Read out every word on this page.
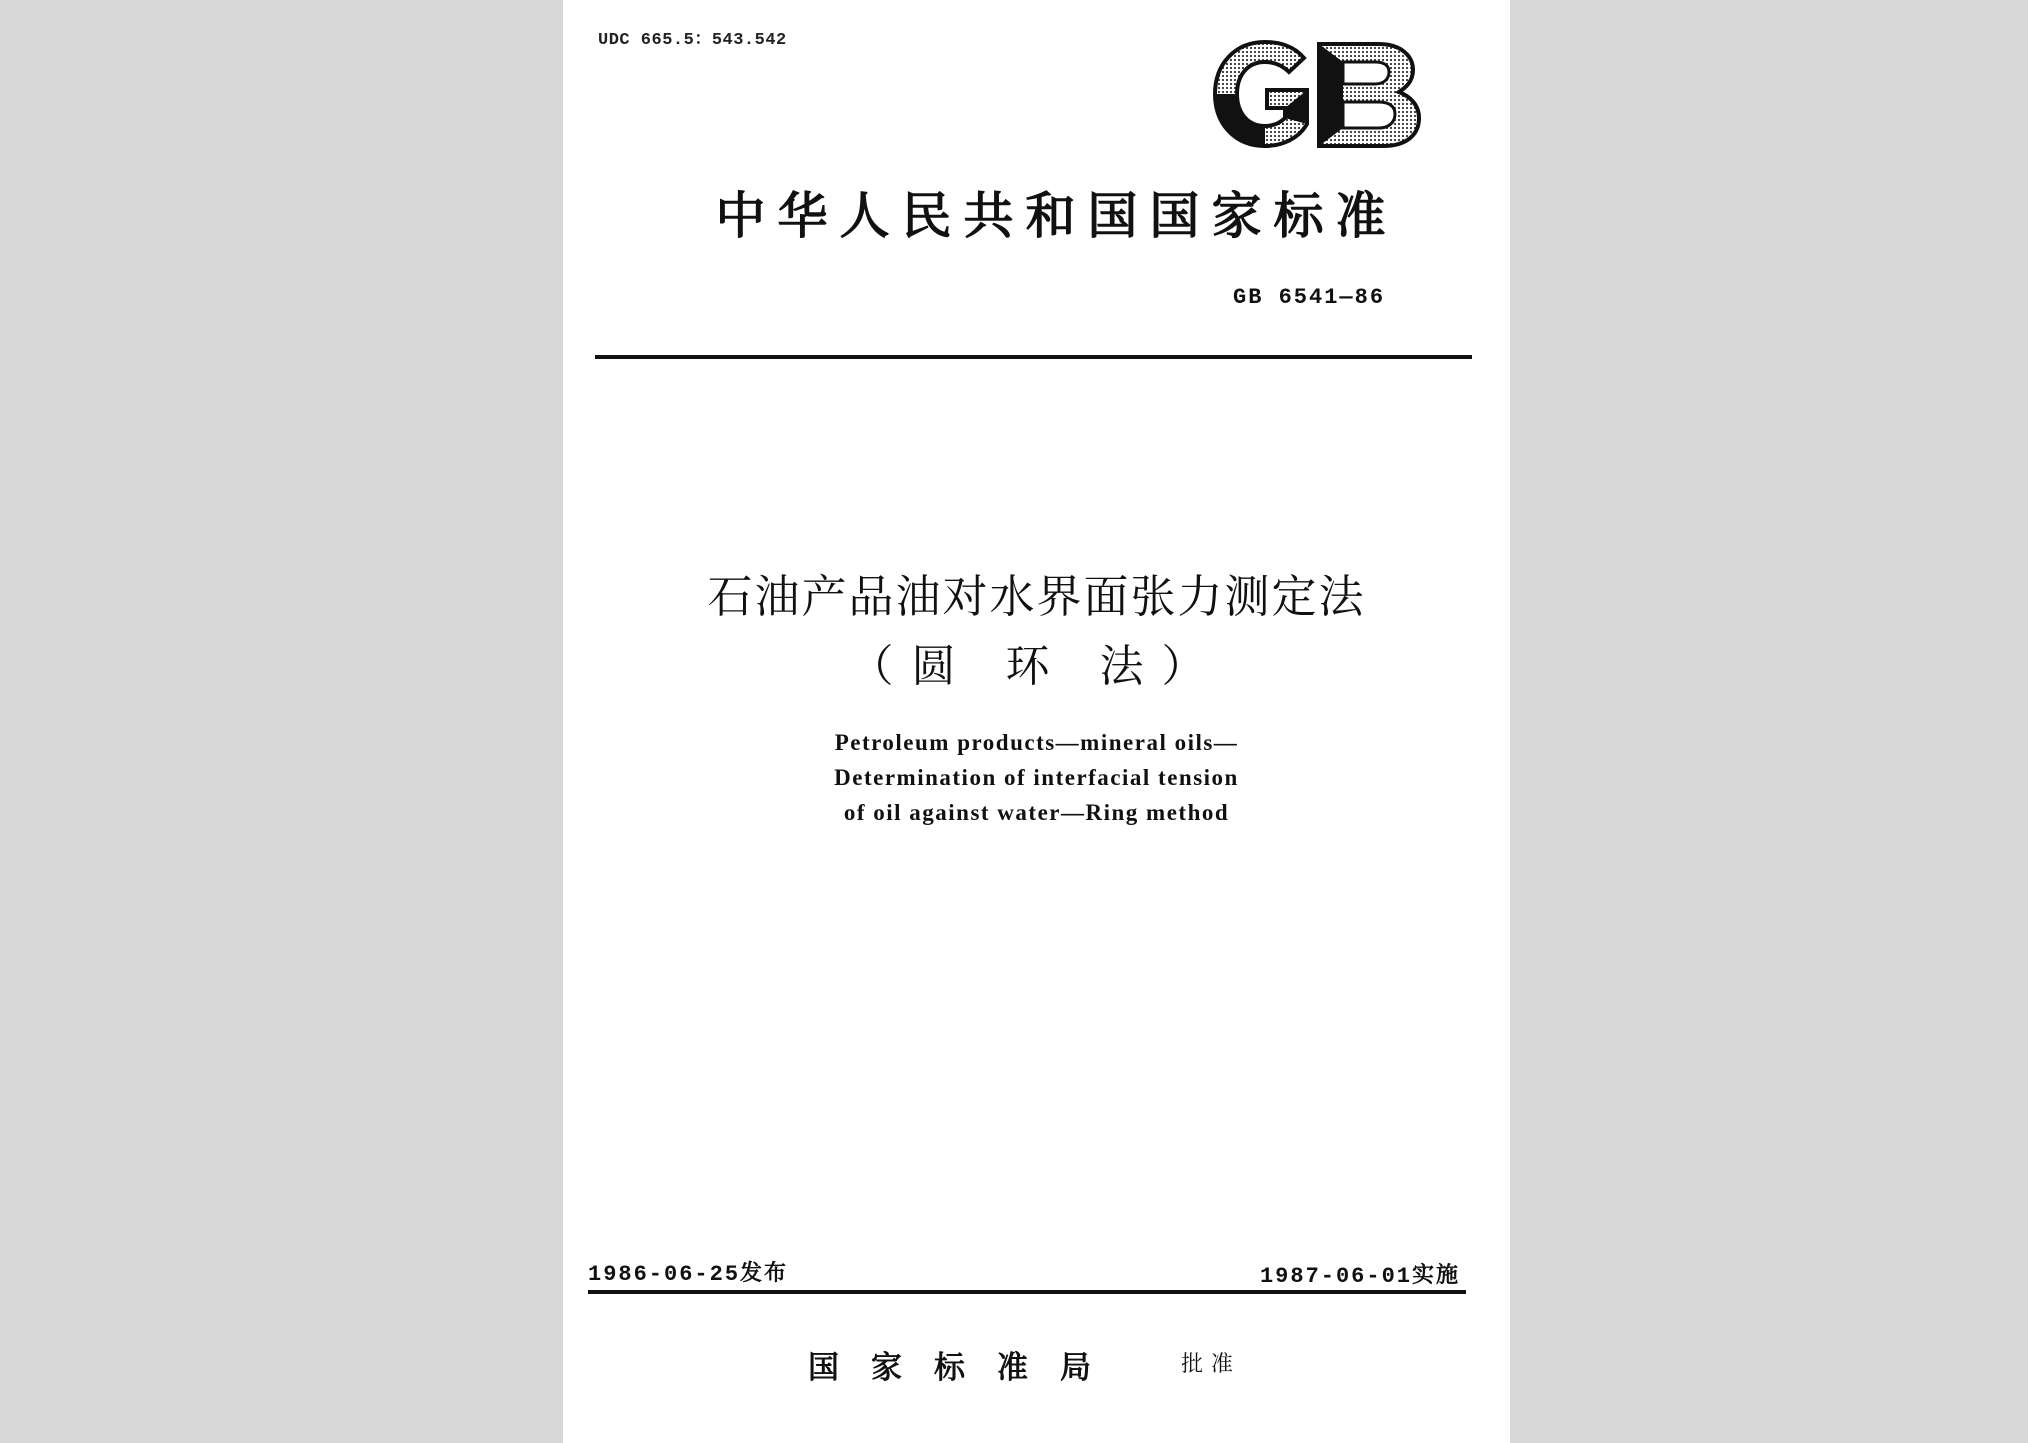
UDC 665.5：543.542
中华人民共和国国家标准
GB 6541—86
石油产品油对水界面张力测定法
（圆 环 法）
Petroleum products—mineral oils—
Determination of interfacial tension
of oil against water—Ring method
1986-06-25发布	1987-06-01实施
国家标准局	批准
